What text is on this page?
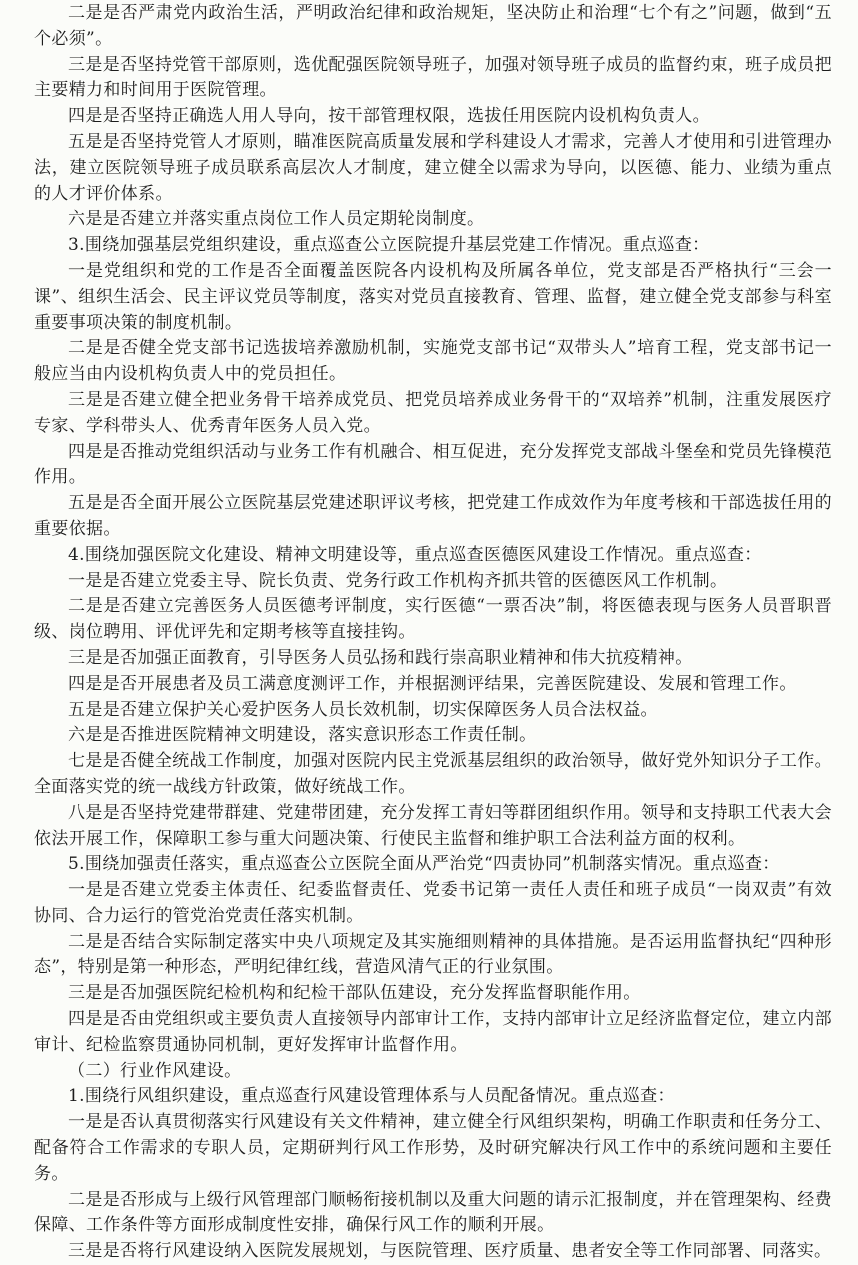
二是是否严肃党内政治生活，严明政治纪律和政治规矩，坚决防止和治理“七个有之”问题，做到“五个必须”。

三是是否坚持党管干部原则，选优配强医院领导班子，加强对领导班子成员的监督约束，班子成员把主要精力和时间用于医院管理。

四是是否坚持正确选人用人导向，按干部管理权限，选拔任用医院内设机构负责人。

五是是否坚持党管人才原则，瞄准医院高质量发展和学科建设人才需求，完善人才使用和引进管理办法，建立医院领导班子成员联系高层次人才制度，建立健全以需求为导向，以医德、能力、业绩为重点的人才评价体系。

六是是否建立并落实重点岗位工作人员定期轮岗制度。

3.围绕加强基层党组织建设，重点巡查公立医院提升基层党建工作情况。重点巡查：

一是党组织和党的工作是否全面覆盖医院各内设机构及所属各单位，党支部是否严格执行“三会一课”、组织生活会、民主评议党员等制度，落实对党员直接教育、管理、监督，建立健全党支部参与科室重要事项决策的制度机制。

二是是否健全党支部书记选拔培养激励机制，实施党支部书记“双带头人”培育工程，党支部书记一般应当由内设机构负责人中的党员担任。

三是是否建立健全把业务骨干培养成党员、把党员培养成业务骨干的“双培养”机制，注重发展医疗专家、学科带头人、优秀青年医务人员入党。

四是是否推动党组织活动与业务工作有机融合、相互促进，充分发挥党支部战斗堡垒和党员先锋模范作用。

五是是否全面开展公立医院基层党建述职评议考核，把党建工作成效作为年度考核和干部选拔任用的重要依据。

4.围绕加强医院文化建设、精神文明建设等，重点巡查医德医风建设工作情况。重点巡查：

一是是否建立党委主导、院长负责、党务行政工作机构齐抓共管的医德医风工作机制。

二是是否建立完善医务人员医德考评制度，实行医德“一票否决”制，将医德表现与医务人员晋职晋级、岗位聘用、评优评先和定期考核等直接挂钩。

三是是否加强正面教育，引导医务人员弘扬和践行崇高职业精神和伟大抗疫精神。

四是是否开展患者及员工满意度测评工作，并根据测评结果，完善医院建设、发展和管理工作。

五是是否建立保护关心爱护医务人员长效机制，切实保障医务人员合法权益。

六是是否推进医院精神文明建设，落实意识形态工作责任制。

七是是否健全统战工作制度，加强对医院内民主党派基层组织的政治领导，做好党外知识分子工作。全面落实党的统一战线方针政策，做好统战工作。

八是是否坚持党建带群建、党建带团建，充分发挥工青妇等群团组织作用。领导和支持职工代表大会依法开展工作，保障职工参与重大问题决策、行使民主监督和维护职工合法利益方面的权利。

5.围绕加强责任落实，重点巡查公立医院全面从严治党“四责协同”机制落实情况。重点巡查：

一是是否建立党委主体责任、纪委监督责任、党委书记第一责任人责任和班子成员“一岗双责”有效协同、合力运行的管党治党责任落实机制。

二是是否结合实际制定落实中央八项规定及其实施细则精神的具体措施。是否运用监督执纪“四种形态”，特别是第一种形态，严明纪律红线，营造风清气正的行业氛围。

三是是否加强医院纪检机构和纪检干部队伍建设，充分发挥监督职能作用。

四是是否由党组织或主要负责人直接领导内部审计工作，支持内部审计立足经济监督定位，建立内部审计、纪检监察贯通协同机制，更好发挥审计监督作用。

（二）行业作风建设。

1.围绕行风组织建设，重点巡查行风建设管理体系与人员配备情况。重点巡查：

一是是否认真贯彻落实行风建设有关文件精神，建立健全行风组织架构，明确工作职责和任务分工、配备符合工作需求的专职人员，定期研判行风工作形势，及时研究解决行风工作中的系统问题和主要任务。

二是是否形成与上级行风管理部门顺畅衔接机制以及重大问题的请示汇报制度，并在管理架构、经费保障、工作条件等方面形成制度性安排，确保行风工作的顺利开展。

三是是否将行风建设纳入医院发展规划，与医院管理、医疗质量、患者安全等工作同部署、同落实。
